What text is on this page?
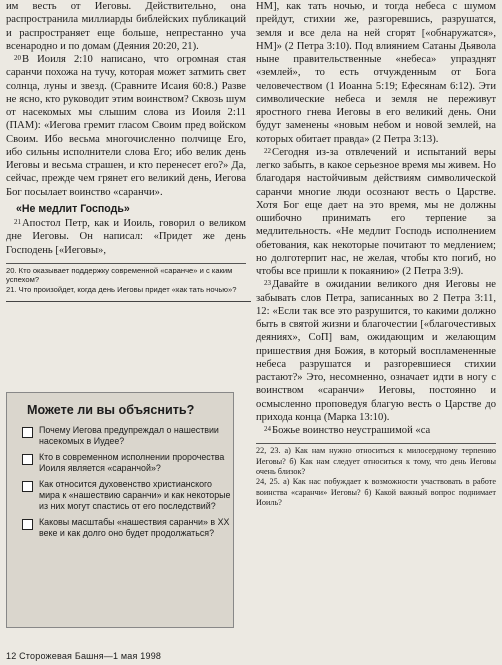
им весть от Иеговы. Действительно, она распространила миллиарды библейских публикаций и распространяет еще больше, непрестанно уча всенародно и по домам (Деяния 20:20, 21).

$^{20}$В Иоиля 2:10 написано, что огромная стая саранчи похожа на тучу, которая может затмить свет солнца, луны и звезд. (Сравните Исаия 60:8.) Разве не ясно, кто руководит этим воинством? Сквозь шум от насекомых мы слышим слова из Иоиля 2:11 (ПАМ): «Иегова гремит гласом Своим пред войском Своим. Ибо весьма многочисленно полчище Его, ибо сильны исполнители слова Его; ибо велик день Иеговы и весьма страшен, и кто перенесет его?» Да, сейчас, прежде чем грянет его великий день, Иегова Бог посылает воинство «саранчи».

«Не медлит Господь»

$^{21}$Апостол Петр, как и Иоиль, говорил о великом дне Иеговы. Он написал: «Придет же день Господень [«Иеговы»,

20. Кто оказывает поддержку современной «саранче» и с каким успехом?

21. Что произойдет, когда день Иеговы придет «как тать ночью»?

Можете ли вы объяснить?
Почему Иегова предупреждал о нашествии насекомых в Иудее?
Кто в современном исполнении пророчества Иоиля является «саранчой»?
Как относится духовенство христианского мира к «нашествию саранчи» и как некоторые из них могут спастись от его последствий?
Каковы масштабы «нашествия саранчи» в XX веке и как долго оно будет продолжаться?
12 Сторожевая Башня—1 мая 1998

НМ], как тать ночью, и тогда небеса с шумом прейдут, стихии же, разгоревшись, разрушатся, земля и все дела на ней сгорят [«обнаружатся», НМ]» (2 Петра 3:10). Под влиянием Сатаны Дьявола ныне правительственные «небеса» упразднят «землей», то есть отчужденным от Бога человечеством (1 Иоанна 5:19; Ефесянам 6:12). Эти символические небеса и земля не переживут яростного гнева Иеговы в его великий день. Они будут заменены «новым небом и новой землей, на которых обитает правда» (2 Петра 3:13).

$^{22}$Сегодня из-за отвлечений и испытаний веры легко забыть, в какое серьезное время мы живем. Но благодаря настойчивым действиям символической саранчи многие люди осознают весть о Царстве. Хотя Бог еще дает на это время, мы не должны ошибочно принимать его терпение за медлительность. «Не медлит Господь исполнением обетования, как некоторые почитают то медлением; но долготерпит нас, не желая, чтобы кто погиб, но чтобы все пришли к покаянию» (2 Петра 3:9).

$^{23}$Давайте в ожидании великого дня Иеговы не забывать слов Петра, записанных во 2 Петра 3:11, 12: «Если так все это разрушится, то какими должно быть в святой жизни и благочестии [«благочестивых деяниях», СоП] вам, ожидающим и желающим пришествия дня Божия, в который воспламененные небеса разрушатся и разгоревшиеся стихии растают?» Это, несомненно, означает идти в ногу с воинством «саранчи» Иеговы, постоянно и осмысленно проповедуя благую весть о Царстве до прихода конца (Марка 13:10).

$^{24}$Божье воинство неустрашимой «са

22, 23. а) Как нам нужно относиться к милосердному терпению Иеговы? б) Как нам следует относиться к тому, что день Иеговы очень близок?

24, 25. а) Как нас побуждает к возможности участвовать в работе воинства «саранчи» Иеговы? б) Какой важный вопрос поднимает Иоиль?
